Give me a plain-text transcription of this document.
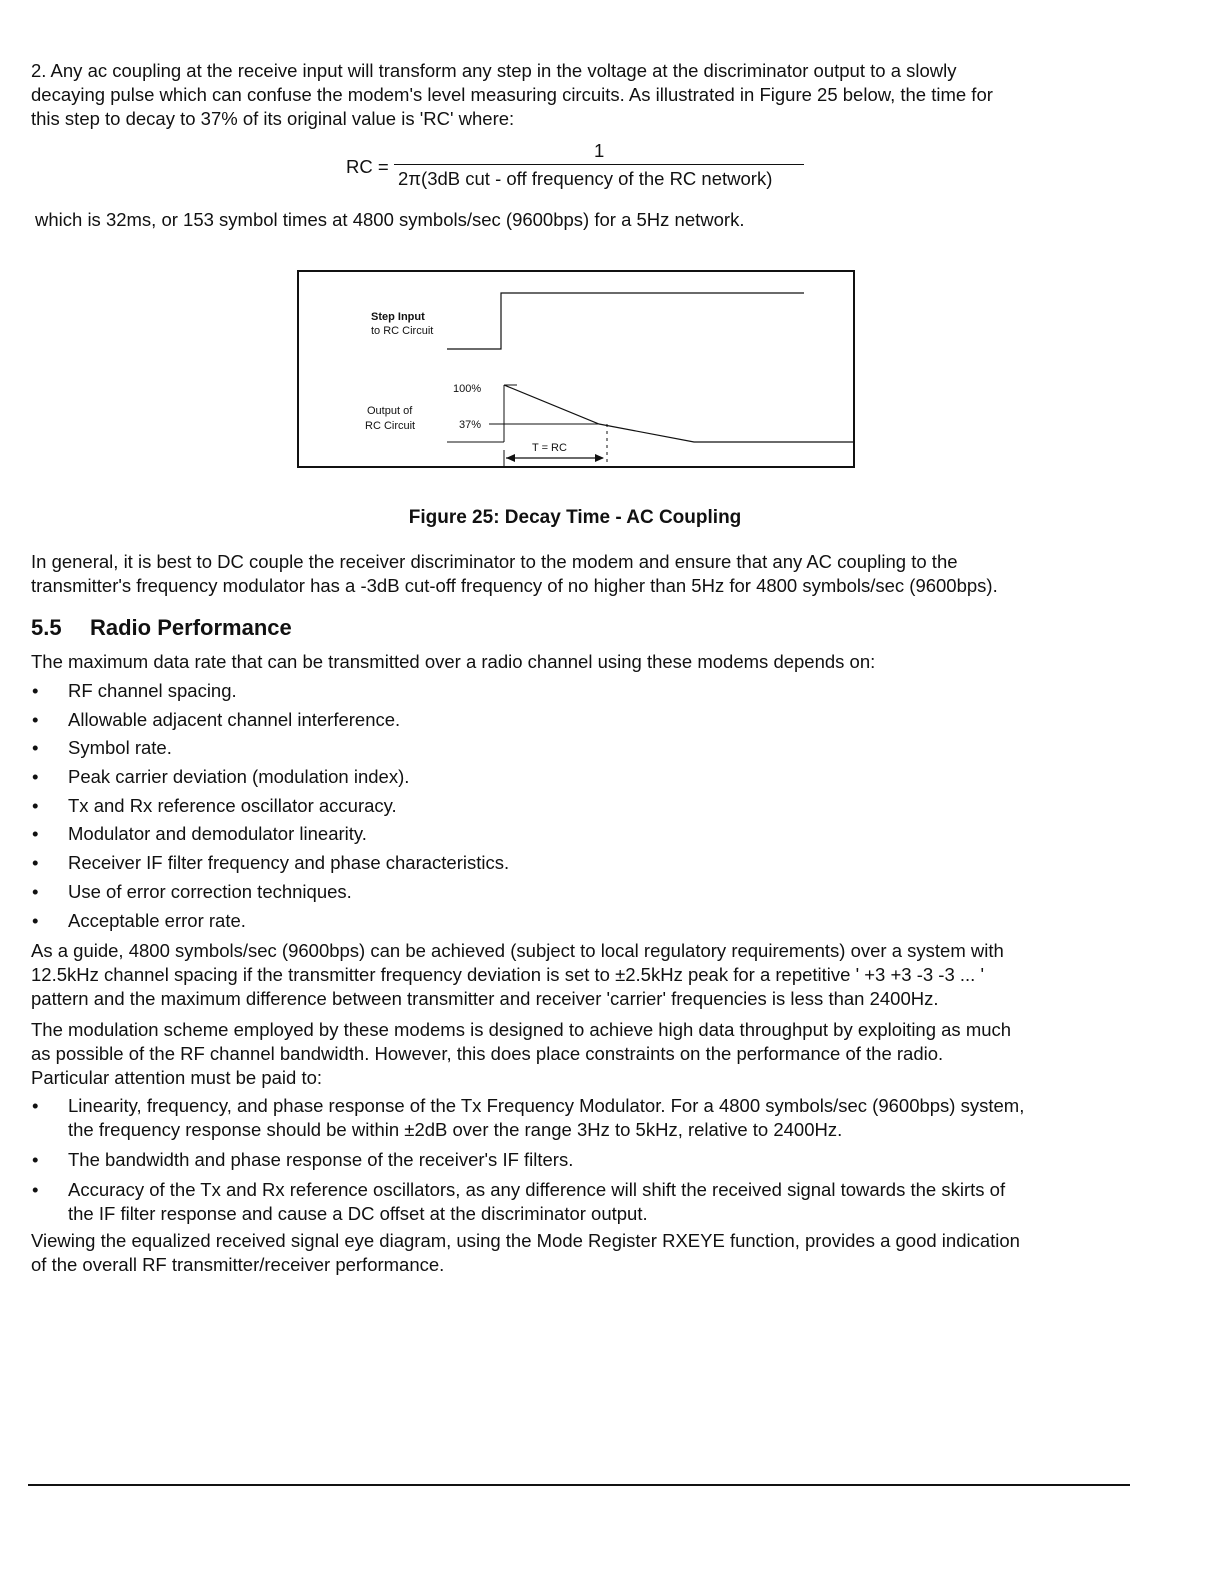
2. Any ac coupling at the receive input will transform any step in the voltage at the discriminator output to a slowly
decaying pulse which can confuse the modem's level measuring circuits. As illustrated in Figure 25 below, the time for
this step to decay to 37% of its original value is 'RC' where:

RC =
1
2π(3dB cut - off frequency of the RC network)

which is 32ms, or 153 symbol times at 4800 symbols/sec (9600bps) for a 5Hz network.

Step Input
to RC Circuit
Output of
RC Circuit
100%
37%
T = RC
Figure 25: Decay Time - AC Coupling

In general, it is best to DC couple the receiver discriminator to the modem and ensure that any AC coupling to the
transmitter's frequency modulator has a -3dB cut-off frequency of no higher than 5Hz for 4800 symbols/sec (9600bps).

5.5 Radio Performance

The maximum data rate that can be transmitted over a radio channel using these modems depends on:

• RF channel spacing.
• Allowable adjacent channel interference.
• Symbol rate.
• Peak carrier deviation (modulation index).
• Tx and Rx reference oscillator accuracy.
• Modulator and demodulator linearity.
• Receiver IF filter frequency and phase characteristics.
• Use of error correction techniques.
• Acceptable error rate.

As a guide, 4800 symbols/sec (9600bps) can be achieved (subject to local regulatory requirements) over a system with
12.5kHz channel spacing if the transmitter frequency deviation is set to ±2.5kHz peak for a repetitive ' +3 +3 -3 -3 ... '
pattern and the maximum difference between transmitter and receiver 'carrier' frequencies is less than 2400Hz.

The modulation scheme employed by these modems is designed to achieve high data throughput by exploiting as much
as possible of the RF channel bandwidth. However, this does place constraints on the performance of the radio.
Particular attention must be paid to:

• Linearity, frequency, and phase response of the Tx Frequency Modulator. For a 4800 symbols/sec (9600bps) system,
the frequency response should be within ±2dB over the range 3Hz to 5kHz, relative to 2400Hz.
• The bandwidth and phase response of the receiver's IF filters.
• Accuracy of the Tx and Rx reference oscillators, as any difference will shift the received signal towards the skirts of
the IF filter response and cause a DC offset at the discriminator output.

Viewing the equalized received signal eye diagram, using the Mode Register RXEYE function, provides a good indication
of the overall RF transmitter/receiver performance.
